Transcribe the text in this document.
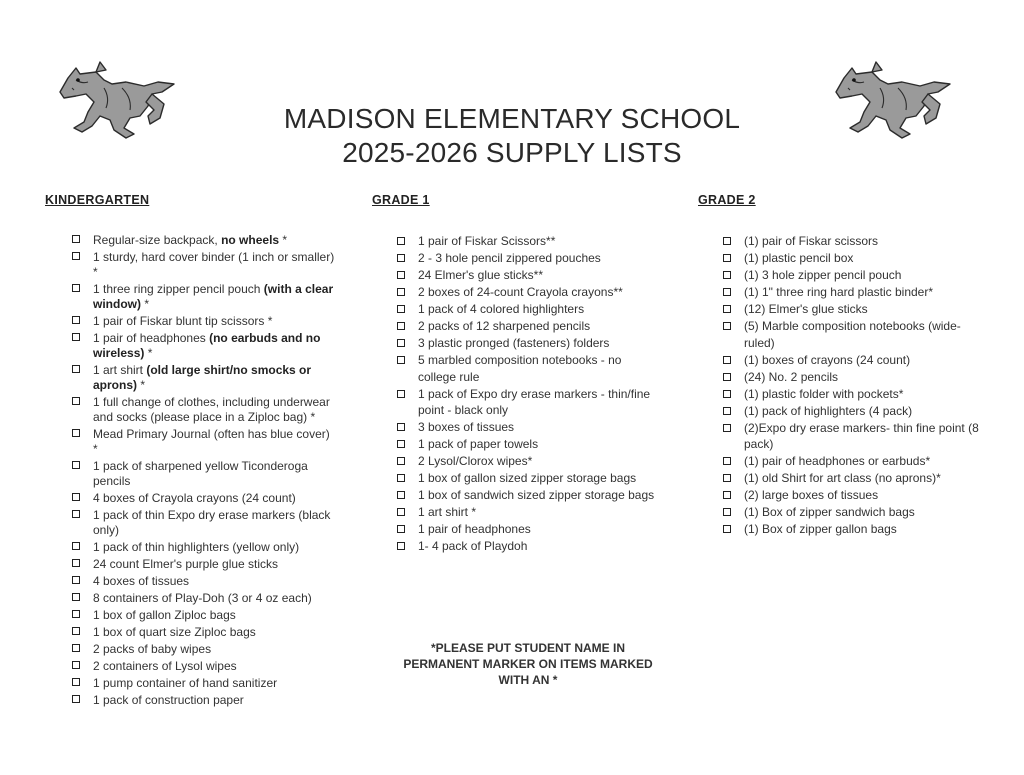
MADISON ELEMENTARY SCHOOL
2025-2026 SUPPLY LISTS
KINDERGARTEN
Regular-size backpack, no wheels *
1 sturdy, hard cover binder (1 inch or smaller) *
1 three ring zipper pencil pouch (with a clear window) *
1 pair of Fiskar blunt tip scissors *
1 pair of headphones (no earbuds and no wireless) *
1 art shirt (old large shirt/no smocks or aprons) *
1 full change of clothes, including underwear and socks (please place in a Ziploc bag) *
Mead Primary Journal (often has blue cover) *
1 pack of sharpened yellow Ticonderoga pencils
4 boxes of Crayola crayons (24 count)
1 pack of thin Expo dry erase markers (black only)
1 pack of thin highlighters (yellow only)
24 count Elmer's purple glue sticks
4 boxes of tissues
8 containers of Play-Doh (3 or 4 oz each)
1 box of gallon Ziploc bags
1 box of quart size Ziploc bags
2 packs of baby wipes
2 containers of Lysol wipes
1 pump container of hand sanitizer
1 pack of construction paper
GRADE 1
1 pair of Fiskar Scissors**
2 - 3 hole pencil zippered pouches
24 Elmer's glue sticks**
2 boxes of 24-count Crayola crayons**
1 pack of 4 colored highlighters
2 packs of 12 sharpened pencils
3 plastic pronged (fasteners) folders
5 marbled composition notebooks - no college rule
1 pack of Expo dry erase markers - thin/fine point - black only
3 boxes of tissues
1 pack of paper towels
2 Lysol/Clorox wipes*
1 box of gallon sized zipper storage bags
1 box of sandwich sized zipper storage bags
1 art shirt *
1 pair of headphones
1- 4 pack of Playdoh
GRADE 2
(1) pair of Fiskar scissors
(1) plastic pencil box
(1) 3 hole zipper pencil pouch
(1) 1" three ring hard plastic binder*
(12) Elmer's glue sticks
(5) Marble composition notebooks (wide-ruled)
(1) boxes of crayons (24 count)
(24) No. 2 pencils
(1) plastic folder with pockets*
(1) pack of highlighters (4 pack)
(2)Expo dry erase markers- thin fine point (8 pack)
(1) pair of headphones or earbuds*
(1) old Shirt for art class (no aprons)*
(2) large boxes of tissues
(1) Box of zipper sandwich bags
(1) Box of zipper gallon bags
*PLEASE PUT STUDENT NAME IN
PERMANENT MARKER ON ITEMS MARKED
WITH AN *
